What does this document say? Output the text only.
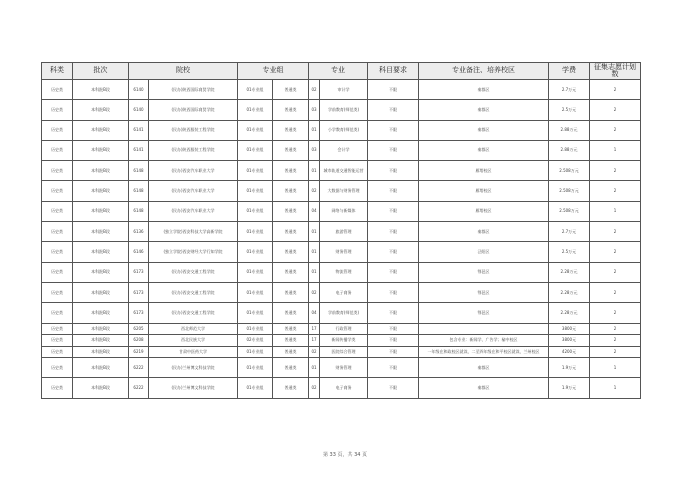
科类	批次	院校		专业组		专业		科目要求	专业备注、培养校区	学费	征集志愿计划数
历史类	本科批B段	6140	(民办)陕西国际商贸学院	01专业组	普通类	02	审计学	不限	秦都区	2.7万元	2
历史类	本科批B段	6140	(民办)陕西国际商贸学院	01专业组	普通类	03	学前教育(师范类)	不限	秦都区	2.5万元	2
历史类	本科批B段	6141	(民办)陕西服装工程学院	01专业组	普通类	01	小学教育(师范类)	不限	秦都区	2.88万元	2
历史类	本科批B段	6141	(民办)陕西服装工程学院	01专业组	普通类	03	会计学	不限	秦都区	2.88万元	1
历史类	本科批B段	6148	(民办)西安汽车职业大学	01专业组	普通类	01	城市轨道交通智能运营	不限	雁塔校区	2.508万元	2
历史类	本科批B段	6148	(民办)西安汽车职业大学	01专业组	普通类	02	大数据与财务管理	不限	雁塔校区	2.508万元	2
历史类	本科批B段	6148	(民办)西安汽车职业大学	01专业组	普通类	04	网络与新媒体	不限	雁塔校区	2.508万元	1
历史类	本科批B段	6136	(独立学院)西安科技大学高新学院	01专业组	普通类	01	旅游管理	不限	秦都区	2.7万元	2
历史类	本科批B段	6146	(独立学院)西安财经大学行知学院	01专业组	普通类	01	财务管理	不限	泾阳区	2.5万元	2
历史类	本科批B段	6173	(民办)西安交通工程学院	01专业组	普通类	01	物流管理	不限	鄠邑区	2.28万元	2
历史类	本科批B段	6173	(民办)西安交通工程学院	01专业组	普通类	02	电子商务	不限	鄠邑区	2.28万元	2
历史类	本科批B段	6173	(民办)西安交通工程学院	01专业组	普通类	04	学前教育(师范类)	不限	鄠邑区	2.28万元	2
历史类	本科批B段	6205	西北师范大学	01专业组	普通类	17	行政管理	不限		3800元	2
历史类	本科批B段	6208	西北民族大学	02专业组	普通类	17	新闻传播学类	不限	包含专业：新闻学、广告学；榆中校区	3800元	2
历史类	本科批B段	6219	甘肃中医药大学	01专业组	普通类	02	医院综合管理	不限	一年级在和政校区就读，二至四年级在和平校区就读，兰州校区	4200元	2
历史类	本科批B段	6222	(民办)兰州博文科技学院	01专业组	普通类	01	财务管理	不限	秦都区	1.9万元	1
历史类	本科批B段	6222	(民办)兰州博文科技学院	01专业组	普通类	02	电子商务	不限	秦都区	1.9万元	1
第 33 页，共 34 页
